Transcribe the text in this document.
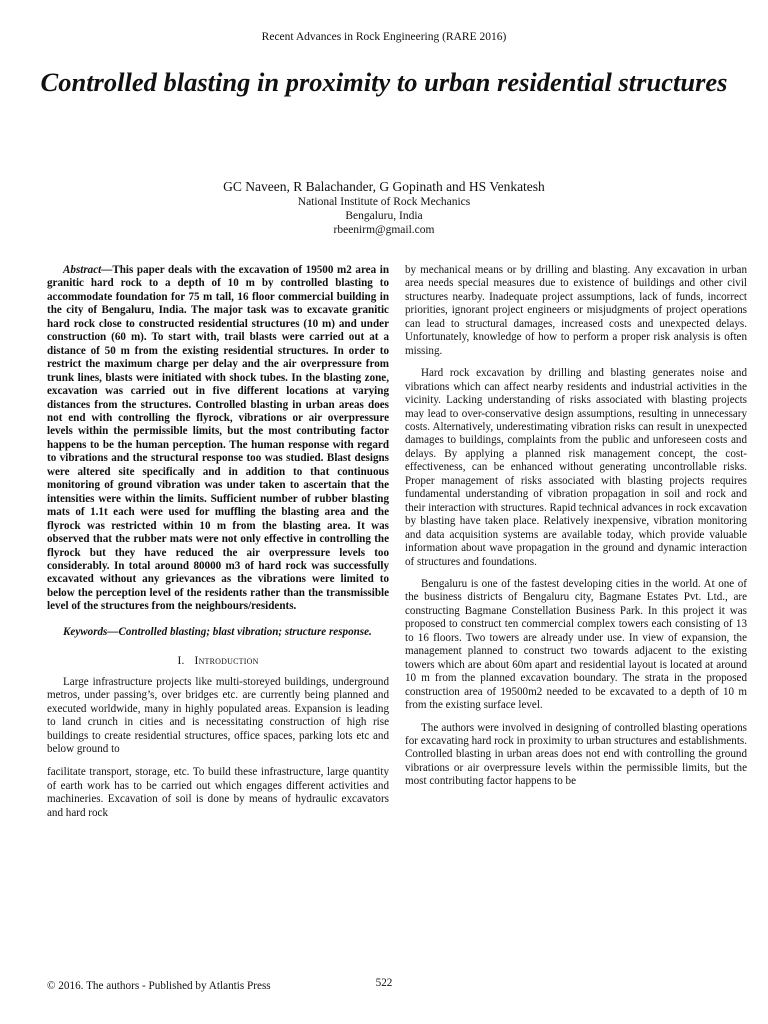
Recent Advances in Rock Engineering (RARE 2016)
Controlled blasting in proximity to urban residential structures
GC Naveen, R Balachander, G Gopinath and HS Venkatesh
National Institute of Rock Mechanics
Bengaluru, India
rbeenirm@gmail.com

Abstract—This paper deals with the excavation of 19500 m2 area in granitic hard rock to a depth of 10 m by controlled blasting to accommodate foundation for 75 m tall, 16 floor commercial building in the city of Bengaluru, India. The major task was to excavate granitic hard rock close to constructed residential structures (10 m) and under construction (60 m). To start with, trail blasts were carried out at a distance of 50 m from the existing residential structures. In order to restrict the maximum charge per delay and the air overpressure from trunk lines, blasts were initiated with shock tubes. In the blasting zone, excavation was carried out in five different locations at varying distances from the structures. Controlled blasting in urban areas does not end with controlling the flyrock, vibrations or air overpressure levels within the permissible limits, but the most contributing factor happens to be the human perception. The human response with regard to vibrations and the structural response too was studied. Blast designs were altered site specifically and in addition to that continuous monitoring of ground vibration was under taken to ascertain that the intensities were within the limits. Sufficient number of rubber blasting mats of 1.1t each were used for muffling the blasting area and the flyrock was restricted within 10 m from the blasting area. It was observed that the rubber mats were not only effective in controlling the flyrock but they have reduced the air overpressure levels too considerably. In total around 80000 m3 of hard rock was successfully excavated without any grievances as the vibrations were limited to below the perception level of the residents rather than the transmissible level of the structures from the neighbours/residents.

Keywords—Controlled blasting; blast vibration; structure response.

I. Introduction

Large infrastructure projects like multi-storeyed buildings, underground metros, under passing’s, over bridges etc. are currently being planned and executed worldwide, many in highly populated areas. Expansion is leading to land crunch in cities and is necessitating construction of high rise buildings to create residential structures, office spaces, parking lots etc and below ground to

facilitate transport, storage, etc. To build these infrastructure, large quantity of earth work has to be carried out which engages different activities and machineries. Excavation of soil is done by means of hydraulic excavators and hard rock

by mechanical means or by drilling and blasting. Any excavation in urban area needs special measures due to existence of buildings and other civil structures nearby. Inadequate project assumptions, lack of funds, incorrect priorities, ignorant project engineers or misjudgments of project operations can lead to structural damages, increased costs and unexpected delays. Unfortunately, knowledge of how to perform a proper risk analysis is often missing.

Hard rock excavation by drilling and blasting generates noise and vibrations which can affect nearby residents and industrial activities in the vicinity. Lacking understanding of risks associated with blasting projects may lead to over-conservative design assumptions, resulting in unnecessary costs. Alternatively, underestimating vibration risks can result in unexpected damages to buildings, complaints from the public and unforeseen costs and delays. By applying a planned risk management concept, the cost-effectiveness, can be enhanced without generating uncontrollable risks. Proper management of risks associated with blasting projects requires fundamental understanding of vibration propagation in soil and rock and their interaction with structures. Rapid technical advances in rock excavation by blasting have taken place. Relatively inexpensive, vibration monitoring and data acquisition systems are available today, which provide valuable information about wave propagation in the ground and dynamic interaction of structures and foundations.

Bengaluru is one of the fastest developing cities in the world. At one of the business districts of Bengaluru city, Bagmane Estates Pvt. Ltd., are constructing Bagmane Constellation Business Park. In this project it was proposed to construct ten commercial complex towers each consisting of 13 to 16 floors. Two towers are already under use. In view of expansion, the management planned to construct two towards adjacent to the existing towers which are about 60m apart and residential layout is located at around 10 m from the planned excavation boundary. The strata in the proposed construction area of 19500m2 needed to be excavated to a depth of 10 m from the existing surface level.

The authors were involved in designing of controlled blasting operations for excavating hard rock in proximity to urban structures and establishments. Controlled blasting in urban areas does not end with controlling the ground vibrations or air overpressure levels within the permissible limits, but the most contributing factor happens to be

© 2016. The authors - Published by Atlantis Press	522
